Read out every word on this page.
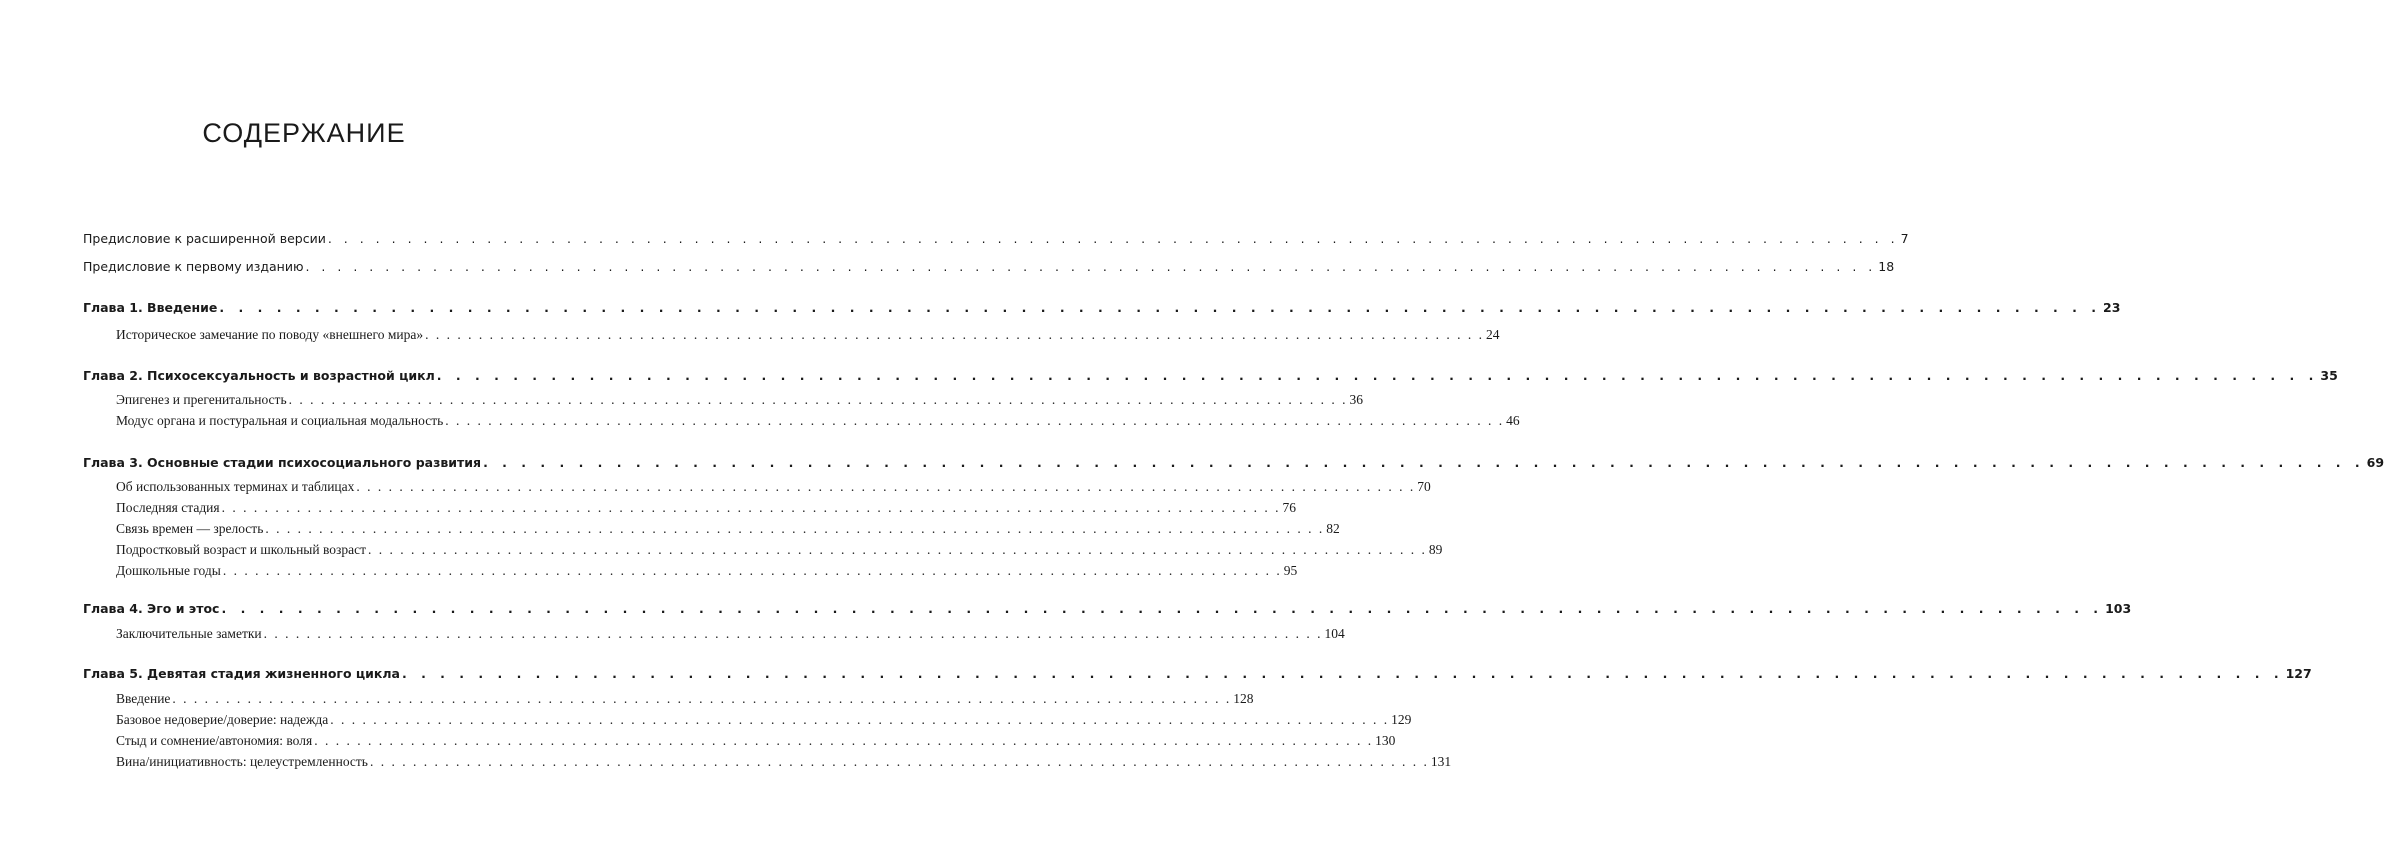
СОДЕРЖАНИЕ
Предисловие к расширенной версии . . . . . . . . . . . . . . . . . . . . . . . . . . . . . . . . . . . . . . . . . . . . . . . . . . . . . . . . . . . . . . . . . . . . . . . . . . . . . . . . . . . . . . . . . . . . . . . . . . . 7
Предисловие к первому изданию . . . . . . . . . . . . . . . . . . . . . . . . . . . . . . . . . . . . . . . . . . . . . . . . . . . . . . . . . . . . . . . . . . . . . . . . . . . . . . . . . . . . . . . . . . . . . . . . . . . 18
Глава 1. Введение . . . . . . . . . . . . . . . . . . . . . . . . . . . . . . . . . . . . . . . . . . . . . . . . . . . . . . . . . . . . . . . . . . . . . . . . . . . . . . . . . . . . . . . . . . . . . . . . . . . 23
Историческое замечание по поводу «внешнего мира» . . . . . . . . . . . . . . . . . . . . . . . . . . . . . . . . . . . . . . . . . . . . . . . . . . . . . . . . . . . . . . . . . . . . . . . . . . . . . . . . . . . . . . . . . . . . . . . . . . . 24
Глава 2. Психосексуальность и возрастной цикл . . . . . . . . . . . . . . . . . . . . . . . . . . . . . . . . . . . . . . . . . . . . . . . . . . . . . . . . . . . . . . . . . . . . . . . . . . . . . . . . . . . . . . . . . . . . . . . . . . . 35
Эпигенез и прегенитальность . . . . . . . . . . . . . . . . . . . . . . . . . . . . . . . . . . . . . . . . . . . . . . . . . . . . . . . . . . . . . . . . . . . . . . . . . . . . . . . . . . . . . . . . . . . . . . . . . . . 36
Модус органа и постуральная и социальная модальность . . . . . . . . . . . . . . . . . . . . . . . . . . . . . . . . . . . . . . . . . . . . . . . . . . . . . . . . . . . . . . . . . . . . . . . . . . . . . . . . . . . . . . . . . . . . . . . . . . . 46
Глава 3. Основные стадии психосоциального развития . . . . . . . . . . . . . . . . . . . . . . . . . . . . . . . . . . . . . . . . . . . . . . . . . . . . . . . . . . . . . . . . . . . . . . . . . . . . . . . . . . . . . . . . . . . . . . . . . . . 69
Об использованных терминах и таблицах . . . . . . . . . . . . . . . . . . . . . . . . . . . . . . . . . . . . . . . . . . . . . . . . . . . . . . . . . . . . . . . . . . . . . . . . . . . . . . . . . . . . . . . . . . . . . . . . . . . 70
Последняя стадия . . . . . . . . . . . . . . . . . . . . . . . . . . . . . . . . . . . . . . . . . . . . . . . . . . . . . . . . . . . . . . . . . . . . . . . . . . . . . . . . . . . . . . . . . . . . . . . . . . . 76
Связь времен — зрелость . . . . . . . . . . . . . . . . . . . . . . . . . . . . . . . . . . . . . . . . . . . . . . . . . . . . . . . . . . . . . . . . . . . . . . . . . . . . . . . . . . . . . . . . . . . . . . . . . . . 82
Подростковый возраст и школьный возраст . . . . . . . . . . . . . . . . . . . . . . . . . . . . . . . . . . . . . . . . . . . . . . . . . . . . . . . . . . . . . . . . . . . . . . . . . . . . . . . . . . . . . . . . . . . . . . . . . . . 89
Дошкольные годы . . . . . . . . . . . . . . . . . . . . . . . . . . . . . . . . . . . . . . . . . . . . . . . . . . . . . . . . . . . . . . . . . . . . . . . . . . . . . . . . . . . . . . . . . . . . . . . . . . . 95
Глава 4. Эго и этос . . . . . . . . . . . . . . . . . . . . . . . . . . . . . . . . . . . . . . . . . . . . . . . . . . . . . . . . . . . . . . . . . . . . . . . . . . . . . . . . . . . . . . . . . . . . . . . . . . . 103
Заключительные заметки . . . . . . . . . . . . . . . . . . . . . . . . . . . . . . . . . . . . . . . . . . . . . . . . . . . . . . . . . . . . . . . . . . . . . . . . . . . . . . . . . . . . . . . . . . . . . . . . . . . 104
Глава 5. Девятая стадия жизненного цикла . . . . . . . . . . . . . . . . . . . . . . . . . . . . . . . . . . . . . . . . . . . . . . . . . . . . . . . . . . . . . . . . . . . . . . . . . . . . . . . . . . . . . . . . . . . . . . . . . . . 127
Введение . . . . . . . . . . . . . . . . . . . . . . . . . . . . . . . . . . . . . . . . . . . . . . . . . . . . . . . . . . . . . . . . . . . . . . . . . . . . . . . . . . . . . . . . . . . . . . . . . . . 128
Базовое недоверие/доверие: надежда . . . . . . . . . . . . . . . . . . . . . . . . . . . . . . . . . . . . . . . . . . . . . . . . . . . . . . . . . . . . . . . . . . . . . . . . . . . . . . . . . . . . . . . . . . . . . . . . . . . 129
Стыд и сомнение/автономия: воля . . . . . . . . . . . . . . . . . . . . . . . . . . . . . . . . . . . . . . . . . . . . . . . . . . . . . . . . . . . . . . . . . . . . . . . . . . . . . . . . . . . . . . . . . . . . . . . . . . . 130
Вина/инициативность: целеустремленность . . . . . . . . . . . . . . . . . . . . . . . . . . . . . . . . . . . . . . . . . . . . . . . . . . . . . . . . . . . . . . . . . . . . . . . . . . . . . . . . . . . . . . . . . . . . . . . . . . . 131
